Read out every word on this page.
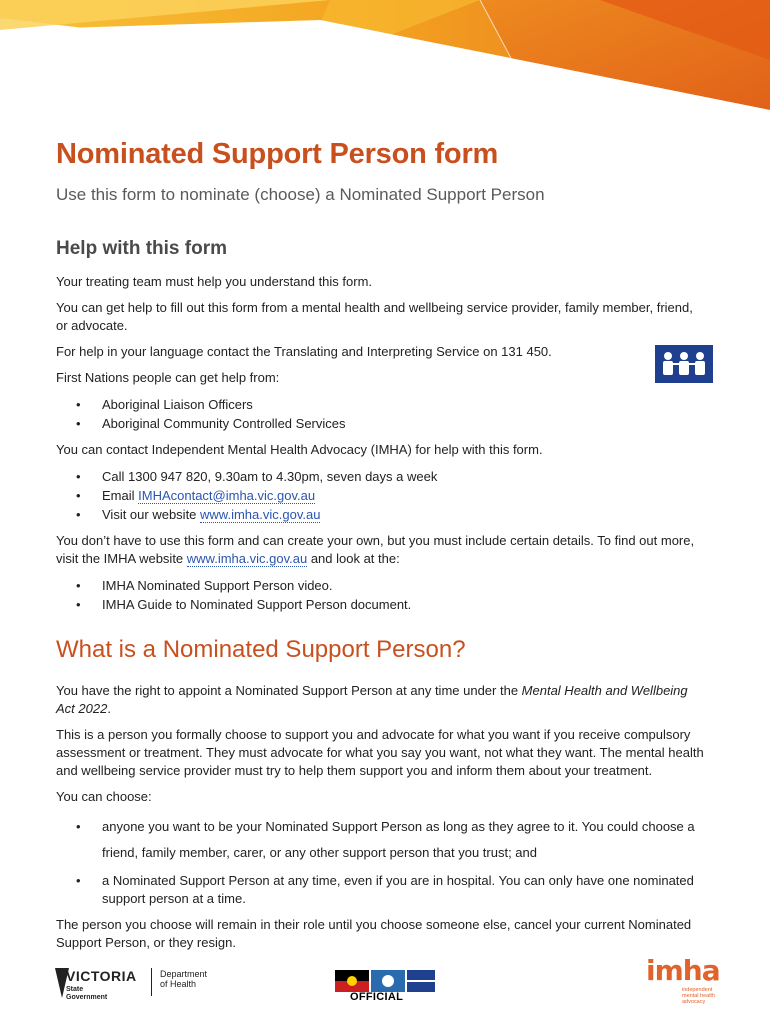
Nominated Support Person form
Use this form to nominate (choose) a Nominated Support Person
Help with this form

Your treating team must help you understand this form.

You can get help to fill out this form from a mental health and wellbeing service provider, family member, friend, or advocate.

For help in your language contact the Translating and Interpreting Service on 131 450.

First Nations people can get help from:

• Aboriginal Liaison Officers
• Aboriginal Community Controlled Services

You can contact Independent Mental Health Advocacy (IMHA) for help with this form.

• Call 1300 947 820, 9.30am to 4.30pm, seven days a week
• Email IMHAcontact@imha.vic.gov.au
• Visit our website www.imha.vic.gov.au

You don’t have to use this form and can create your own, but you must include certain details. To find out more, visit the IMHA website www.imha.vic.gov.au and look at the:

• IMHA Nominated Support Person video.
• IMHA Guide to Nominated Support Person document.
What is a Nominated Support Person?

You have the right to appoint a Nominated Support Person at any time under the Mental Health and Wellbeing Act 2022.

This is a person you formally choose to support you and advocate for what you want if you receive compulsory assessment or treatment. They must advocate for what you say you want, not what they want. The mental health and wellbeing service provider must try to help them support you and inform them about your treatment.

You can choose:

• anyone you want to be your Nominated Support Person as long as they agree to it. You could choose a friend, family member, carer, or any other support person that you trust; and
• a Nominated Support Person at any time, even if you are in hospital. You can only have one nominated support person at a time.

The person you choose will remain in their role until you choose someone else, cancel your current Nominated Support Person, or they resign.

VICTORIA
State
Government
Department
of Health
OFFICIAL
imha
independent
mental health
advocacy
